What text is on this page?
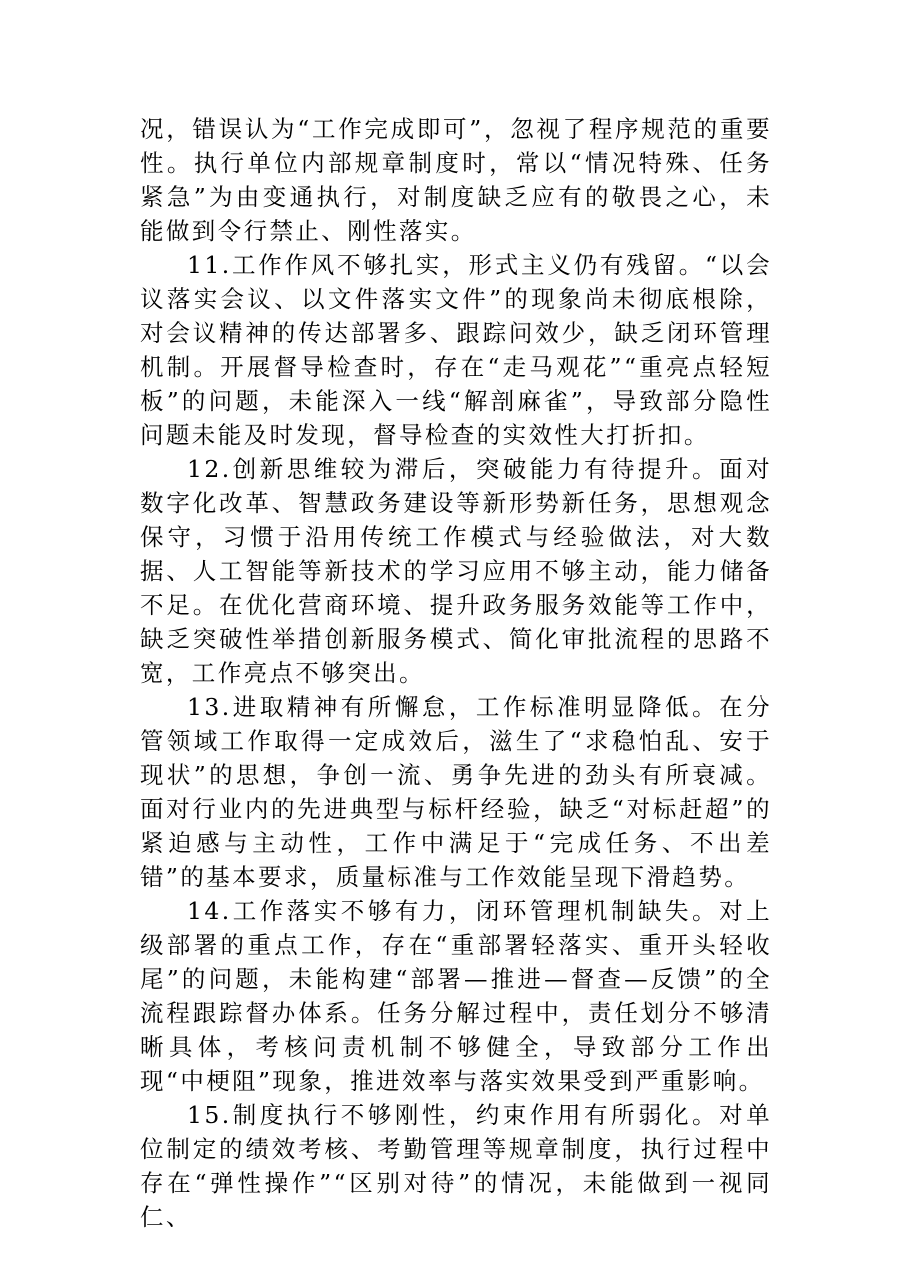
况，错误认为“工作完成即可”，忽视了程序规范的重要性。执行单位内部规章制度时，常以“情况特殊、任务紧急”为由变通执行，对制度缺乏应有的敬畏之心，未能做到令行禁止、刚性落实。

11.工作作风不够扎实，形式主义仍有残留。“以会议落实会议、以文件落实文件”的现象尚未彻底根除，对会议精神的传达部署多、跟踪问效少，缺乏闭环管理机制。开展督导检查时，存在“走马观花”“重亮点轻短板”的问题，未能深入一线“解剖麻雀”，导致部分隐性问题未能及时发现，督导检查的实效性大打折扣。

12.创新思维较为滞后，突破能力有待提升。面对数字化改革、智慧政务建设等新形势新任务，思想观念保守，习惯于沿用传统工作模式与经验做法，对大数据、人工智能等新技术的学习应用不够主动，能力储备不足。在优化营商环境、提升政务服务效能等工作中，缺乏突破性举措创新服务模式、简化审批流程的思路不宽，工作亮点不够突出。

13.进取精神有所懈怠，工作标准明显降低。在分管领域工作取得一定成效后，滋生了“求稳怕乱、安于现状”的思想，争创一流、勇争先进的劲头有所衰减。面对行业内的先进典型与标杆经验，缺乏“对标赶超”的紧迫感与主动性，工作中满足于“完成任务、不出差错”的基本要求，质量标准与工作效能呈现下滑趋势。

14.工作落实不够有力，闭环管理机制缺失。对上级部署的重点工作，存在“重部署轻落实、重开头轻收尾”的问题，未能构建“部署—推进—督查—反馈”的全流程跟踪督办体系。任务分解过程中，责任划分不够清晰具体，考核问责机制不够健全，导致部分工作出现“中梗阻”现象，推进效率与落实效果受到严重影响。

15.制度执行不够刚性，约束作用有所弱化。对单位制定的绩效考核、考勤管理等规章制度，执行过程中存在“弹性操作”“区别对待”的情况，未能做到一视同仁、
